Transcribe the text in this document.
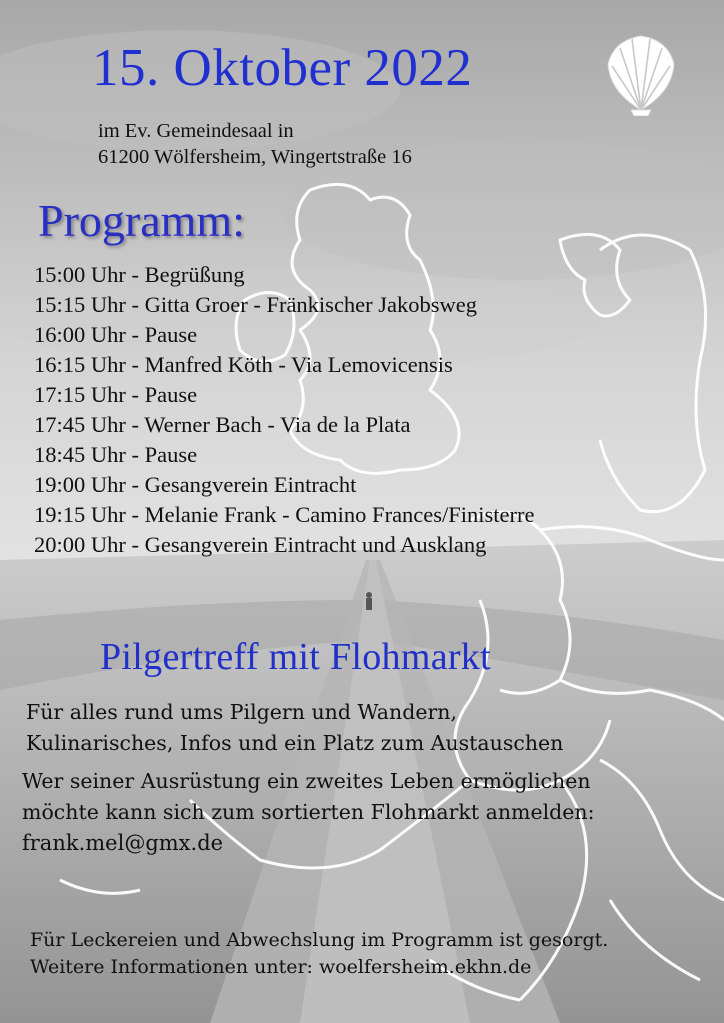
15. Oktober 2022
im Ev. Gemeindesaal in
61200 Wölfersheim, Wingertstraße 16
Programm:
15:00 Uhr - Begrüßung
15:15 Uhr - Gitta Groer - Fränkischer Jakobsweg
16:00 Uhr - Pause
16:15 Uhr - Manfred Köth - Via Lemovicensis
17:15 Uhr - Pause
17:45 Uhr - Werner Bach - Via de la Plata
18:45 Uhr - Pause
19:00 Uhr - Gesangverein Eintracht
19:15 Uhr - Melanie Frank - Camino Frances/Finisterre
20:00 Uhr - Gesangverein Eintracht und Ausklang
Pilgertreff mit Flohmarkt
Für alles rund ums Pilgern und Wandern,
Kulinarisches, Infos und ein Platz zum Austauschen
Wer seiner Ausrüstung ein zweites Leben ermöglichen
möchte kann sich zum sortierten Flohmarkt anmelden:
frank.mel@gmx.de
Für Leckereien und Abwechslung im Programm ist gesorgt.
Weitere Informationen unter: woelfersheim.ekhn.de
